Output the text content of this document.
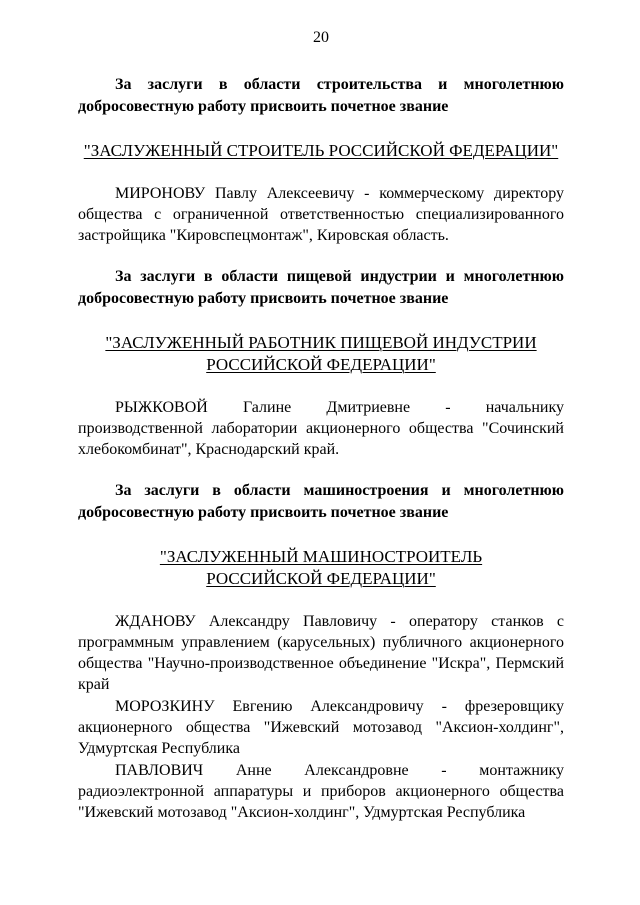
20

За заслуги в области строительства и многолетнюю добросовестную работу присвоить почетное звание

"ЗАСЛУЖЕННЫЙ СТРОИТЕЛЬ РОССИЙСКОЙ ФЕДЕРАЦИИ"

МИРОНОВУ Павлу Алексеевичу - коммерческому директору общества с ограниченной ответственностью специализированного застройщика "Кировспецмонтаж", Кировская область.

За заслуги в области пищевой индустрии и многолетнюю добросовестную работу присвоить почетное звание

"ЗАСЛУЖЕННЫЙ РАБОТНИК ПИЩЕВОЙ ИНДУСТРИИ
РОССИЙСКОЙ ФЕДЕРАЦИИ"

РЫЖКОВОЙ Галине Дмитриевне - начальнику производственной лаборатории акционерного общества "Сочинский хлебокомбинат", Краснодарский край.

За заслуги в области машиностроения и многолетнюю добросовестную работу присвоить почетное звание

"ЗАСЛУЖЕННЫЙ МАШИНОСТРОИТЕЛЬ
РОССИЙСКОЙ ФЕДЕРАЦИИ"

ЖДАНОВУ Александру Павловичу - оператору станков с программным управлением (карусельных) публичного акционерного общества "Научно-производственное объединение "Искра", Пермский край

МОРОЗКИНУ Евгению Александровичу - фрезеровщику акционерного общества "Ижевский мотозавод "Аксион-холдинг", Удмуртская Республика

ПАВЛОВИЧ Анне Александровне - монтажнику радиоэлектронной аппаратуры и приборов акционерного общества "Ижевский мотозавод "Аксион-холдинг", Удмуртская Республика
